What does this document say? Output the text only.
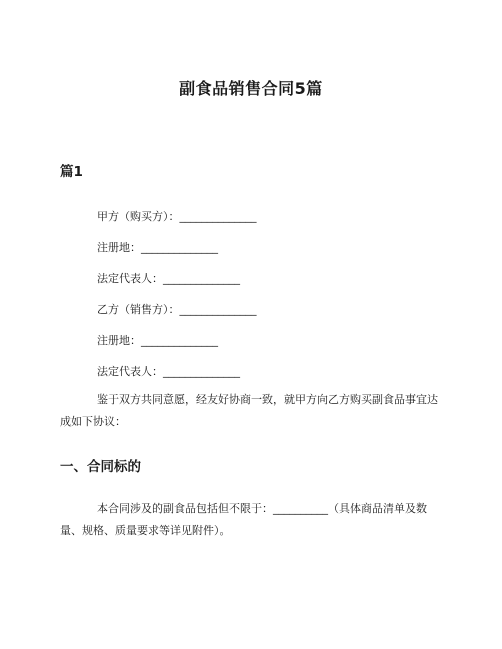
副食品销售合同5篇
篇1
甲方（购买方）：______________
注册地：______________
法定代表人：______________
乙方（销售方）：______________
注册地：______________
法定代表人：______________
鉴于双方共同意愿，经友好协商一致，就甲方向乙方购买副食品事宜达成如下协议：
一、合同标的
本合同涉及的副食品包括但不限于：__________（具体商品清单及数量、规格、质量要求等详见附件）。
